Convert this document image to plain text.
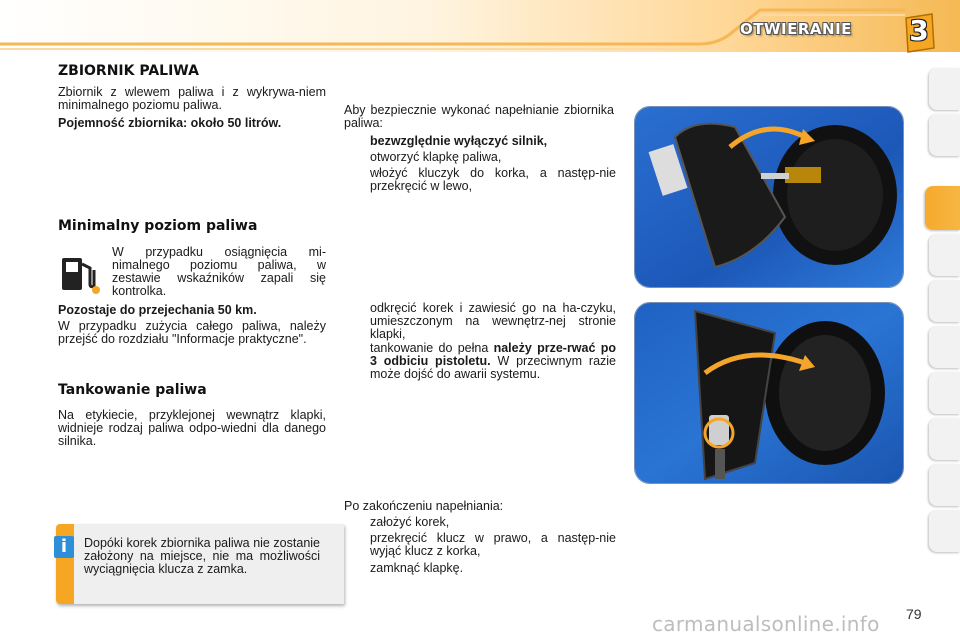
OTWIERANIE	3
ZBIORNIK PALIWA
Zbiornik z wlewem paliwa i z wykrywa-niem minimalnego poziomu paliwa.
Pojemność zbiornika: około 50 litrów.
Minimalny poziom paliwa
W przypadku osiągnięcia mi-nimalnego poziomu paliwa, w zestawie wskaźników zapali się kontrolka.
Pozostaje do przejechania 50 km.
W przypadku zużycia całego paliwa, należy przejść do rozdziału "Informacje praktyczne".
Tankowanie paliwa
Na etykiecie, przyklejonej wewnątrz klapki, widnieje rodzaj paliwa odpo-wiedni dla danego silnika.
i	Dopóki korek zbiornika paliwa nie zostanie założony na miejsce, nie ma możliwości wyciągnięcia klucza z zamka.
Aby bezpiecznie wykonać napełnianie zbiornika paliwa:
bezwzględnie wyłączyć silnik,
otworzyć klapkę paliwa,
włożyć kluczyk do korka, a następ-nie przekręcić w lewo,
odkręcić korek i zawiesić go na ha-czyku, umieszczonym na wewnętrz-nej stronie klapki,
tankowanie do pełna należy prze-rwać po 3 odbiciu pistoletu. W przeciwnym razie może dojść do awarii systemu.
Po zakończeniu napełniania:
założyć korek,
przekręcić klucz w prawo, a następ-nie wyjąć klucz z korka,
zamknąć klapkę.
79
carmanualsonline.info
